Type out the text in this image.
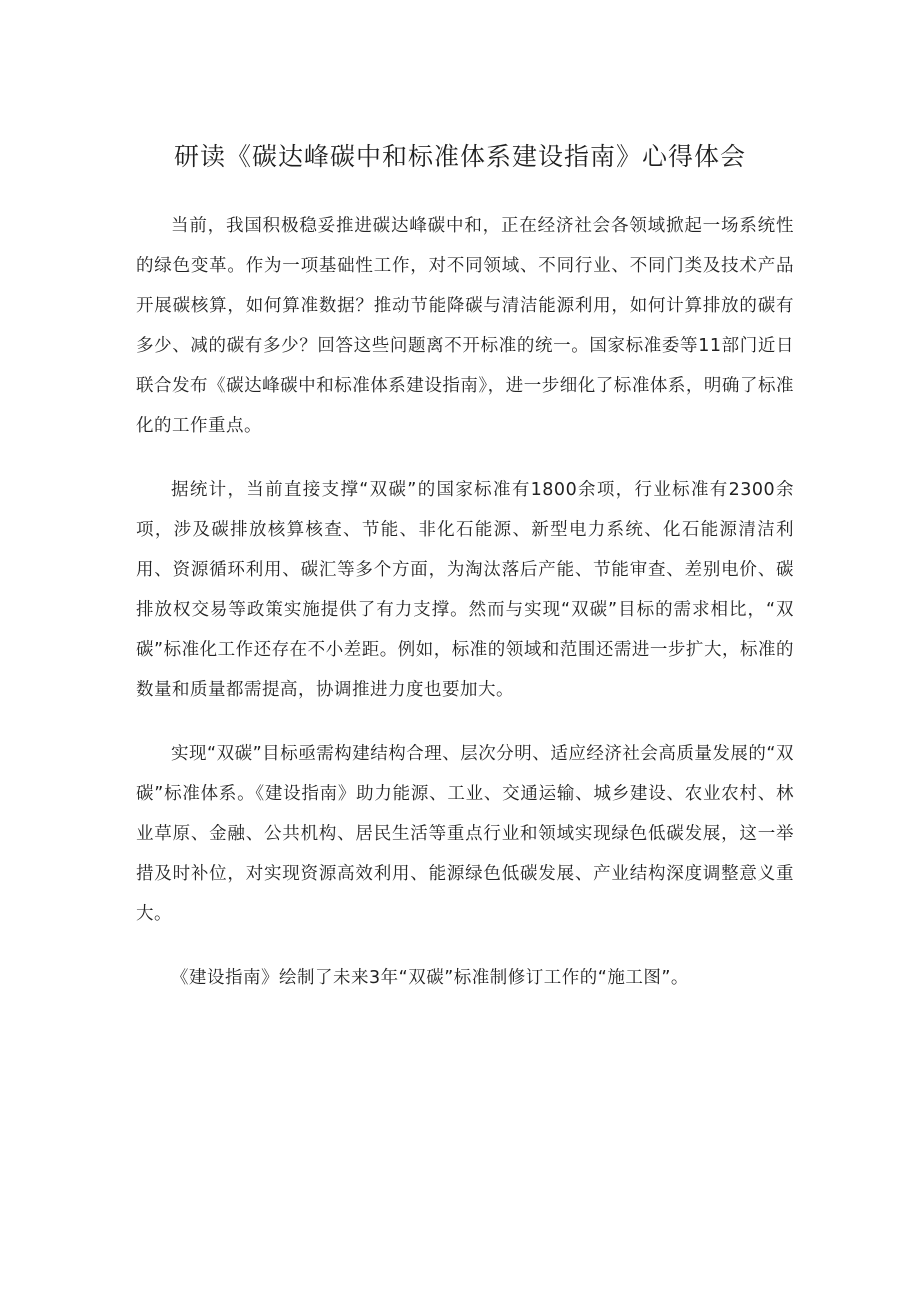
研读《碳达峰碳中和标准体系建设指南》心得体会

当前，我国积极稳妥推进碳达峰碳中和，正在经济社会各领域掀起一场系统性的绿色变革。作为一项基础性工作，对不同领域、不同行业、不同门类及技术产品开展碳核算，如何算准数据？推动节能降碳与清洁能源利用，如何计算排放的碳有多少、减的碳有多少？回答这些问题离不开标准的统一。国家标准委等11部门近日联合发布《碳达峰碳中和标准体系建设指南》，进一步细化了标准体系，明确了标准化的工作重点。

据统计，当前直接支撑“双碳”的国家标准有1800余项，行业标准有2300余项，涉及碳排放核算核查、节能、非化石能源、新型电力系统、化石能源清洁利用、资源循环利用、碳汇等多个方面，为淘汰落后产能、节能审查、差别电价、碳排放权交易等政策实施提供了有力支撑。然而与实现“双碳”目标的需求相比，“双碳”标准化工作还存在不小差距。例如，标准的领域和范围还需进一步扩大，标准的数量和质量都需提高，协调推进力度也要加大。

实现“双碳”目标亟需构建结构合理、层次分明、适应经济社会高质量发展的“双碳”标准体系。《建设指南》助力能源、工业、交通运输、城乡建设、农业农村、林业草原、金融、公共机构、居民生活等重点行业和领域实现绿色低碳发展，这一举措及时补位，对实现资源高效利用、能源绿色低碳发展、产业结构深度调整意义重大。

《建设指南》绘制了未来3年“双碳”标准制修订工作的“施工图”。
